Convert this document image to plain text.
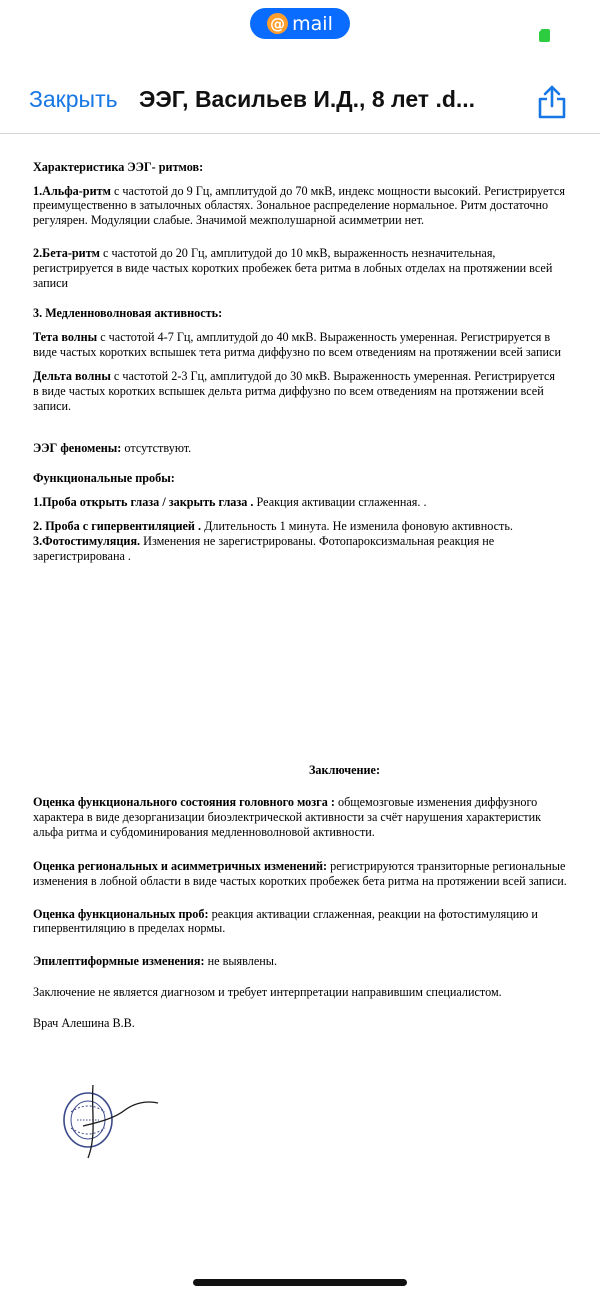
@ mail
Закрыть ЭЭГ, Васильев И.Д., 8 лет .d...

Характеристика ЭЭГ- ритмов:

1.Альфа-ритм с частотой до 9 Гц, амплитудой до 70 мкВ, индекс мощности высокий. Регистрируется

преимущественно в затылочных областях. Зональное распределение нормальное. Ритм достаточно

регулярен. Модуляции слабые. Значимой межполушарной асимметрии нет.

2.Бета-ритм с частотой до 20 Гц, амплитудой до 10 мкВ, выраженность незначительная,

регистрируется в виде частых коротких пробежек бета ритма в лобных отделах на протяжении всей

записи

3. Медленноволновая активность:

Тета волны с частотой 4-7 Гц, амплитудой до 40 мкВ. Выраженность умеренная. Регистрируется в

виде частых коротких вспышек тета ритма диффузно по всем отведениям на протяжении всей записи

Дельта волны с частотой 2-3 Гц, амплитудой до 30 мкВ. Выраженность умеренная. Регистрируется

в виде частых коротких вспышек дельта ритма диффузно по всем отведениям на протяжении всей

записи.

ЭЭГ феномены: отсутствуют.

Функциональные пробы:

1.Проба открыть глаза / закрыть глаза . Реакция активации сглаженная. .

2. Проба с гипервентиляцией . Длительность 1 минута. Не изменила фоновую активность.

3.Фотостимуляция. Изменения не зарегистрированы. Фотопароксизмальная реакция не

зарегистрирована .

Заключение:

Оценка функционального состояния головного мозга : общемозговые изменения диффузного

характера в виде дезорганизации биоэлектрической активности за счёт нарушения характеристик

альфа ритма и субдоминирования медленноволновой активности.

Оценка региональных и асимметричных изменений: регистрируются транзиторные региональные

изменения в лобной области в виде частых коротких пробежек бета ритма на протяжении всей записи.

Оценка функциональных проб: реакция активации сглаженная, реакции на фотостимуляцию и

гипервентиляцию в пределах нормы.

Эпилептиформные изменения: не выявлены.

Заключение не является диагнозом и требует интерпретации направившим специалистом.

Врач Алешина В.В.
